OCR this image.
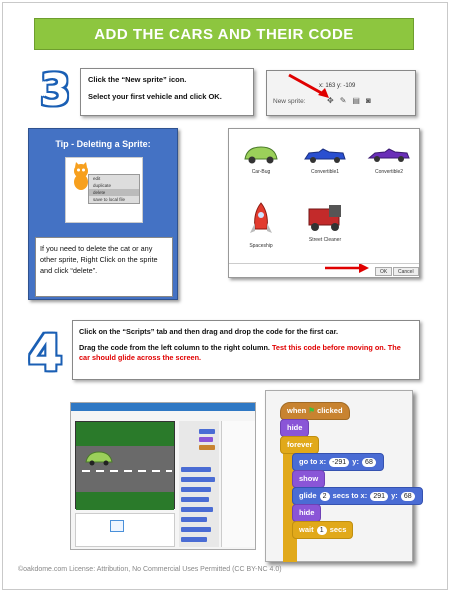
ADD THE CARS AND THEIR CODE
3 Click the “New sprite” icon.

Select your first vehicle and click OK.

x: 163 y: -109
New sprite:	✥ ✎ ▤ ◙
Tip - Deleting a Sprite:
edit
duplicate
delete
save to local file
If you need to delete the cat or any other sprite, Right Click on the sprite and click “delete”.
Car-Bug	Convertible1	Convertible2
Spaceship
Street Cleaner
OK	Cancel
4 Click on the “Scripts” tab and then drag and drop the code for the first car.

Drag the code from the left column to the right column. Test this code before moving on. The car should glide across the screen.

when ⚑ clicked
hide
forever
go to x: -291 y: 68
show
glide 2 secs to x: 291 y: 68
hide
wait 1 secs
©oakdome.com License: Attribution, No Commercial Uses Permitted (CC BY-NC 4.0)
